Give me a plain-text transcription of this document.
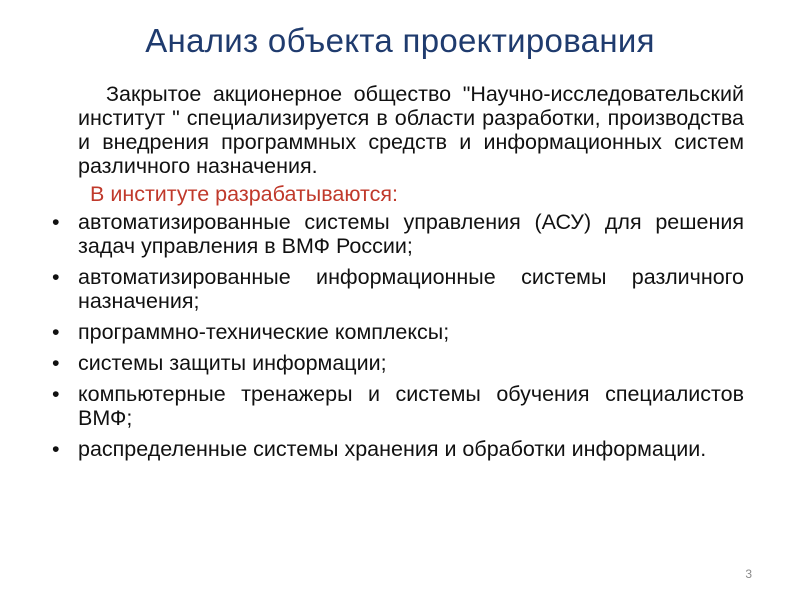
Анализ объекта проектирования
Закрытое акционерное общество "Научно-исследовательский институт " специализируется в области разработки, производства и внедрения программных средств и информационных систем различного назначения.
В институте разрабатываются:
• автоматизированные системы управления (АСУ) для решения задач управления в ВМФ России;
• автоматизированные информационные системы различного назначения;
• программно-технические комплексы;
• системы защиты информации;
• компьютерные тренажеры и системы обучения специалистов ВМФ;
• распределенные системы хранения и обработки информации.
3
